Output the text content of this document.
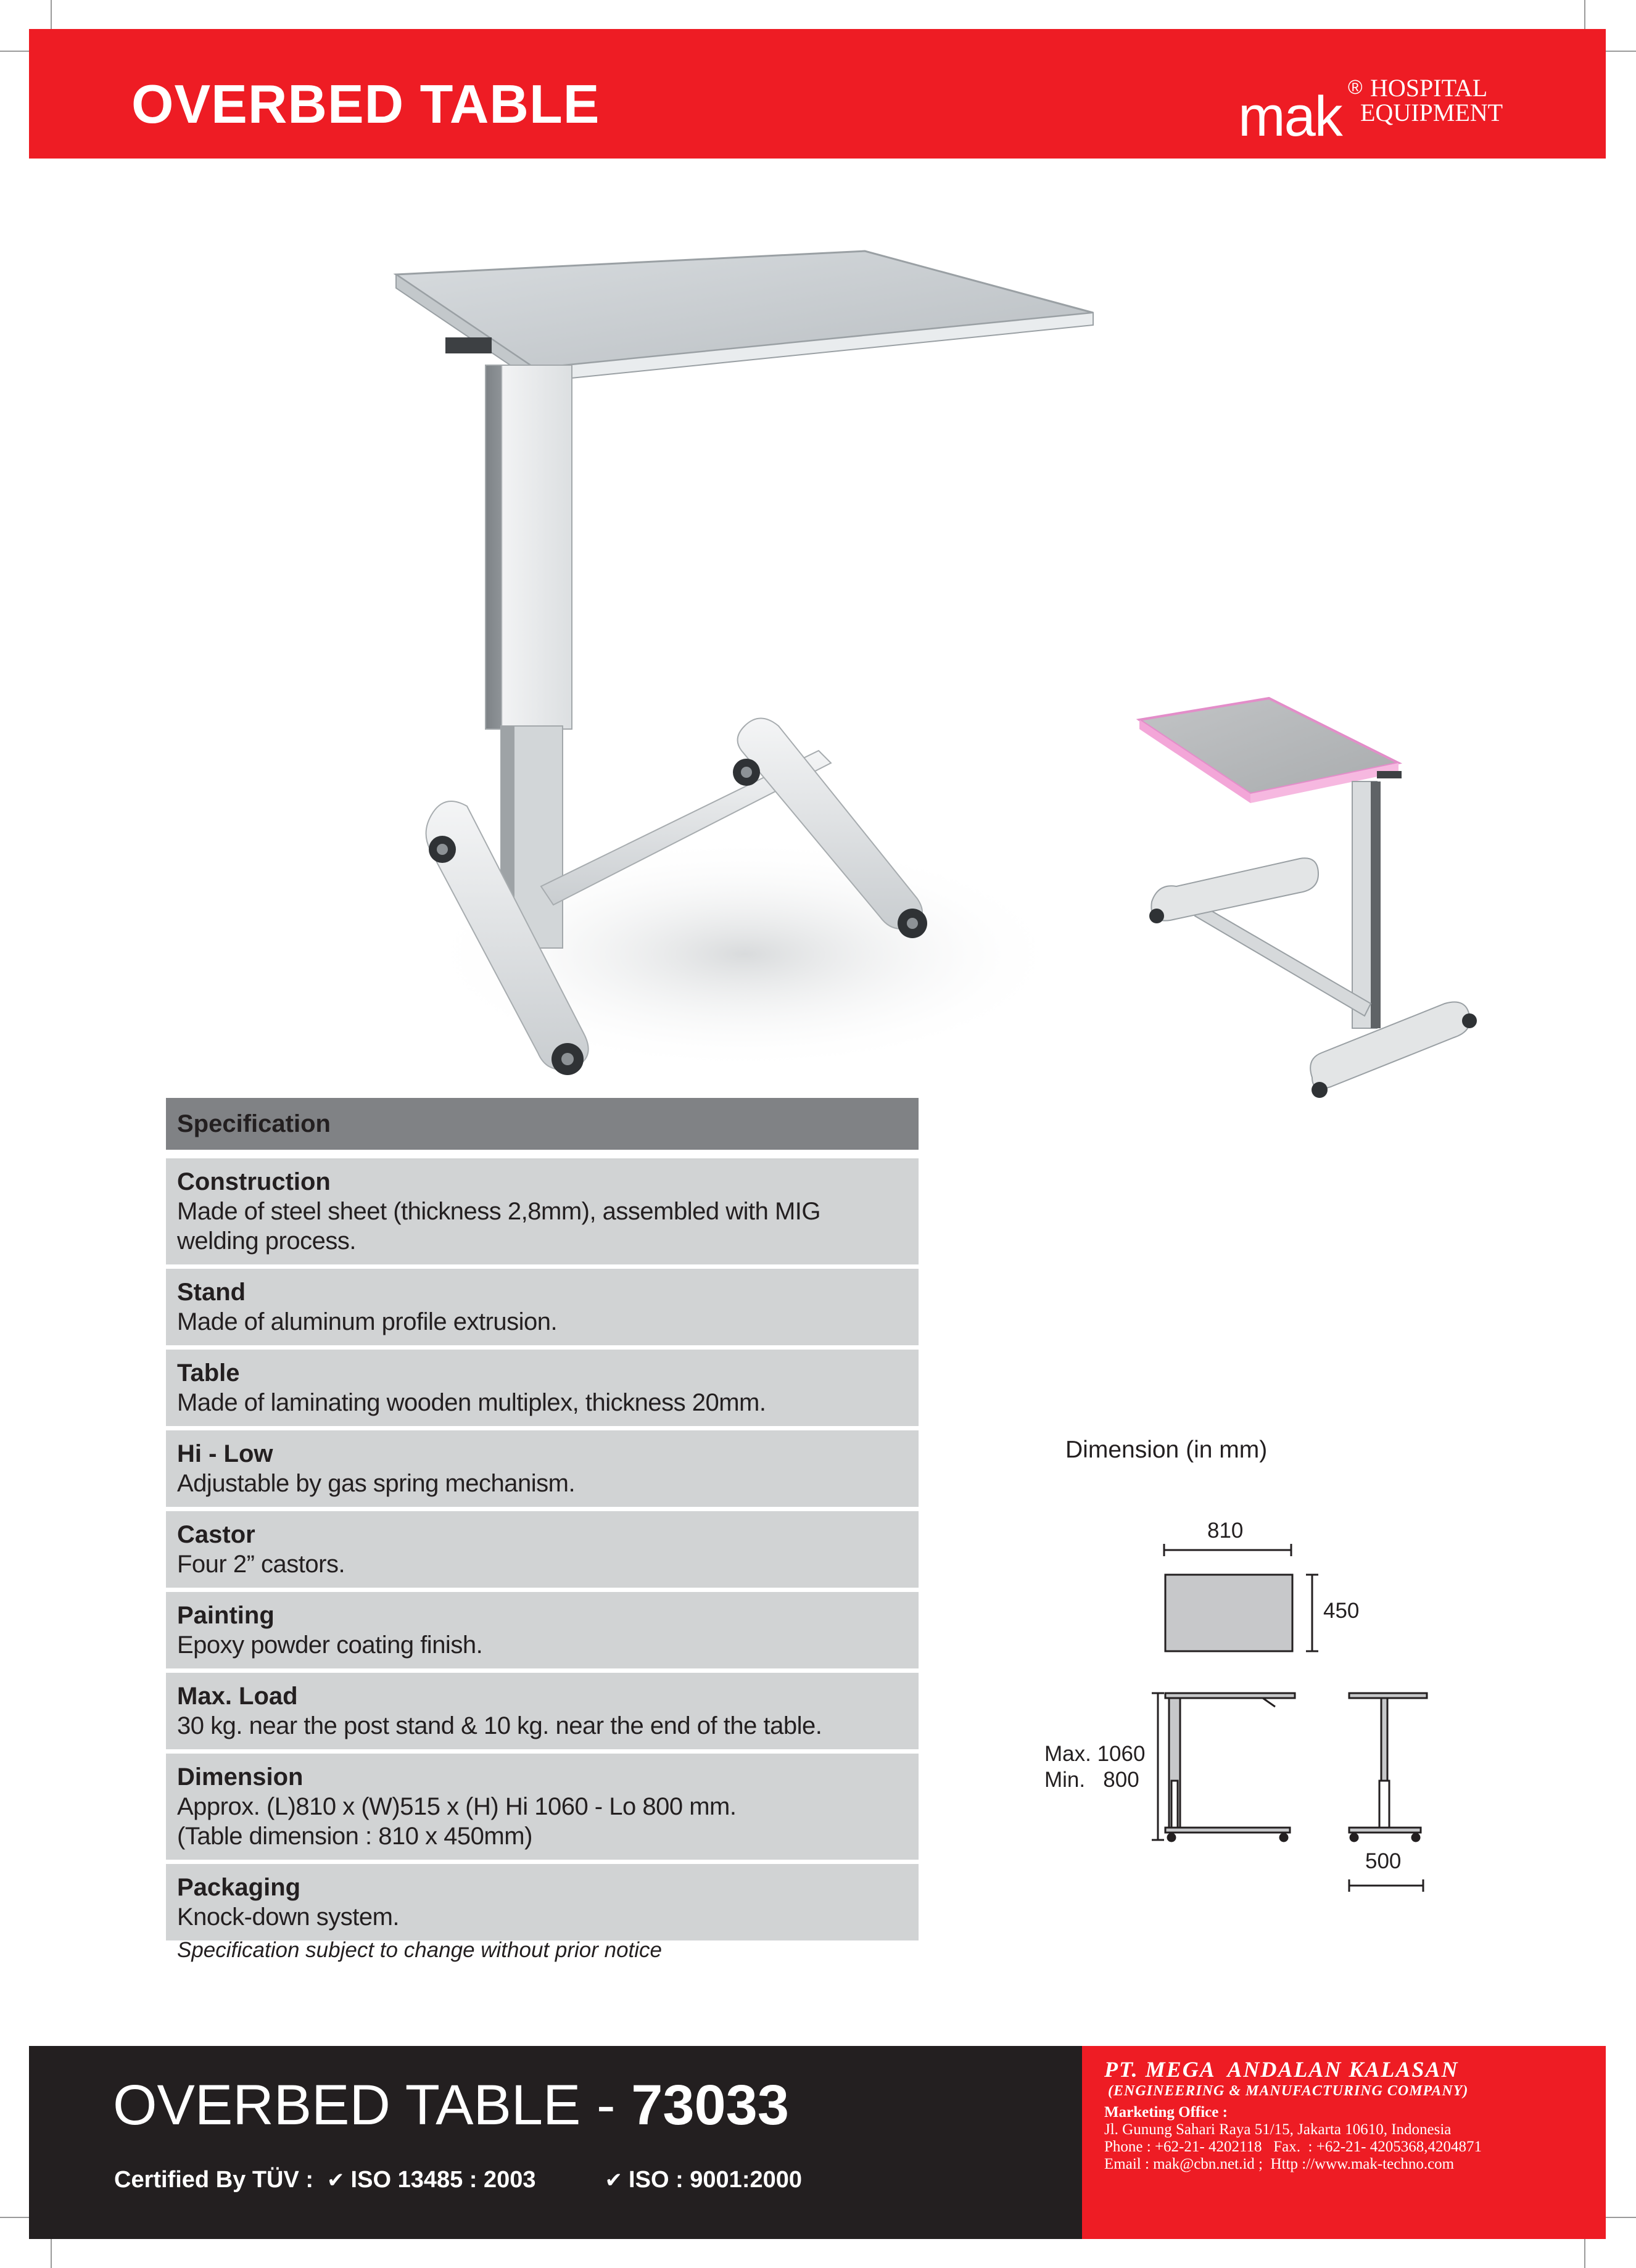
OVERBED TABLE	mak ® HOSPITAL
EQUIPMENT
Made in Indonesia
Specification
Construction
Made of steel sheet (thickness 2,8mm), assembled with MIG
welding process.
Stand
Made of aluminum profile extrusion.
Table
Made of laminating wooden multiplex, thickness 20mm.
Hi - Low
Adjustable by gas spring mechanism.
Castor
Four 2” castors.
Painting
Epoxy powder coating finish.
Max. Load
30 kg. near the post stand & 10 kg. near the end of the table.
Dimension
Approx. (L)810 x (W)515 x (H) Hi 1060 - Lo 800 mm.
(Table dimension : 810 x 450mm)
Packaging
Knock-down system.
Specification subject to change without prior notice
Dimension (in mm)
810
450
Max. 1060
Min.   800
500
OVERBED TABLE - 73033
Certified By TÜV : ✔ ISO 13485 : 2003	✔ ISO : 9001:2000
PT. MEGA  ANDALAN KALASAN
(ENGINEERING & MANUFACTURING COMPANY)
Marketing Office :
Jl. Gunung Sahari Raya 51/15, Jakarta 10610, Indonesia
Phone : +62-21- 4202118   Fax.  : +62-21- 4205368,4204871
Email : mak@cbn.net.id ;  Http ://www.mak-techno.com
